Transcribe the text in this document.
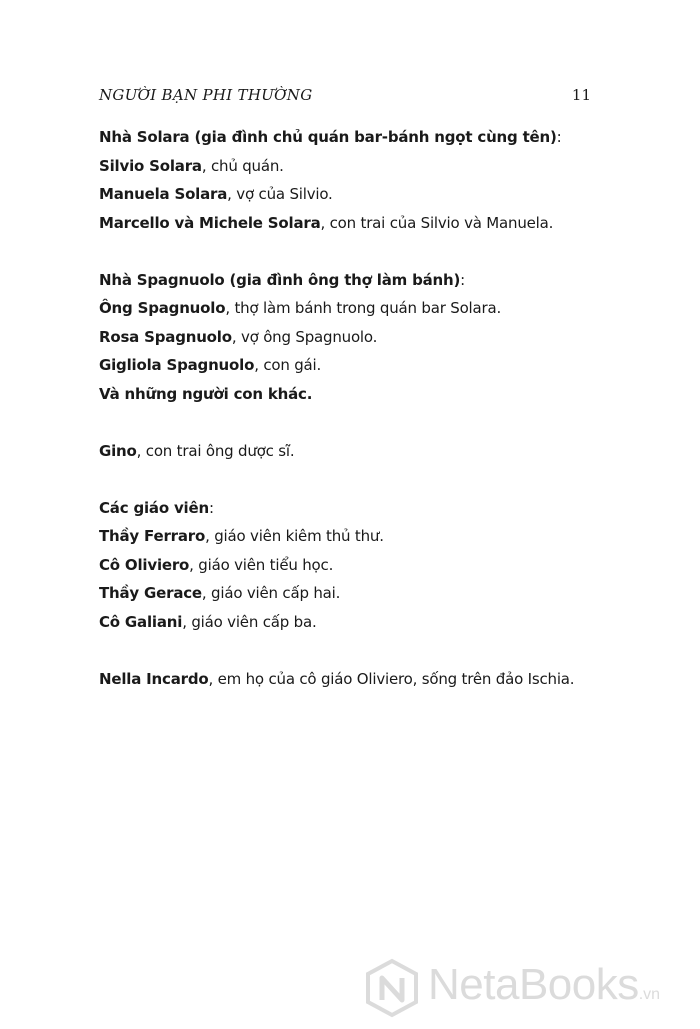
NGƯỜI BẠN PHI THƯỜNG	11
Nhà Solara (gia đình chủ quán bar-bánh ngọt cùng tên):
Silvio Solara, chủ quán.
Manuela Solara, vợ của Silvio.
Marcello và Michele Solara, con trai của Silvio và Manuela.
Nhà Spagnuolo (gia đình ông thợ làm bánh):
Ông Spagnuolo, thợ làm bánh trong quán bar Solara.
Rosa Spagnuolo, vợ ông Spagnuolo.
Gigliola Spagnuolo, con gái.
Và những người con khác.
Gino, con trai ông dược sĩ.
Các giáo viên:
Thầy Ferraro, giáo viên kiêm thủ thư.
Cô Oliviero, giáo viên tiểu học.
Thầy Gerace, giáo viên cấp hai.
Cô Galiani, giáo viên cấp ba.
Nella Incardo, em họ của cô giáo Oliviero, sống trên đảo Ischia.
NetaBooks.vn
